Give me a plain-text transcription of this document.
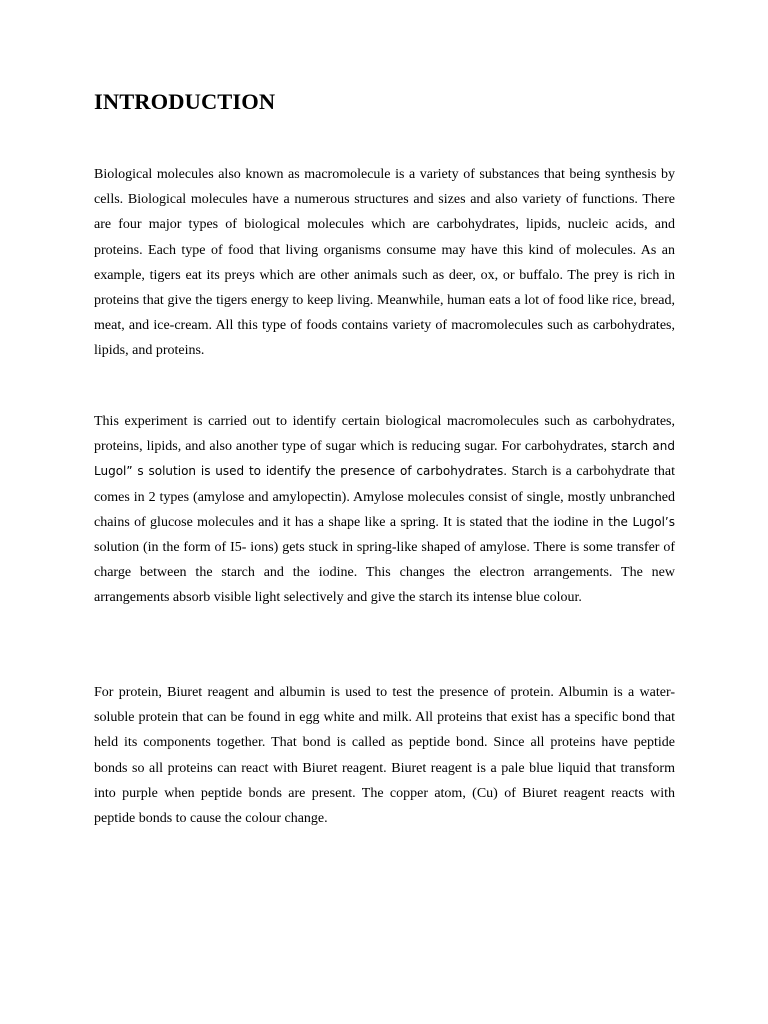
INTRODUCTION

Biological molecules also known as macromolecule is a variety of substances that being synthesis by cells. Biological molecules have a numerous structures and sizes and also variety of functions. There are four major types of biological molecules which are carbohydrates, lipids, nucleic acids, and proteins. Each type of food that living organisms consume may have this kind of molecules. As an example, tigers eat its preys which are other animals such as deer, ox, or buffalo. The prey is rich in proteins that give the tigers energy to keep living. Meanwhile, human eats a lot of food like rice, bread, meat, and ice-cream. All this type of foods contains variety of macromolecules such as carbohydrates, lipids, and proteins.

This experiment is carried out to identify certain biological macromolecules such as carbohydrates, proteins, lipids, and also another type of sugar which is reducing sugar. For carbohydrates, starch and Lugol” s solution is used to identify the presence of carbohydrates. Starch is a carbohydrate that comes in 2 types (amylose and amylopectin). Amylose molecules consist of single, mostly unbranched chains of glucose molecules and it has a shape like a spring. It is stated that the iodine in the Lugol’s solution (in the form of I5- ions) gets stuck in spring-like shaped of amylose. There is some transfer of charge between the starch and the iodine. This changes the electron arrangements. The new arrangements absorb visible light selectively and give the starch its intense blue colour.

For protein, Biuret reagent and albumin is used to test the presence of protein. Albumin is a water-soluble protein that can be found in egg white and milk. All proteins that exist has a specific bond that held its components together. That bond is called as peptide bond. Since all proteins have peptide bonds so all proteins can react with Biuret reagent. Biuret reagent is a pale blue liquid that transform into purple when peptide bonds are present. The copper atom, (Cu) of Biuret reagent reacts with peptide bonds to cause the colour change.
